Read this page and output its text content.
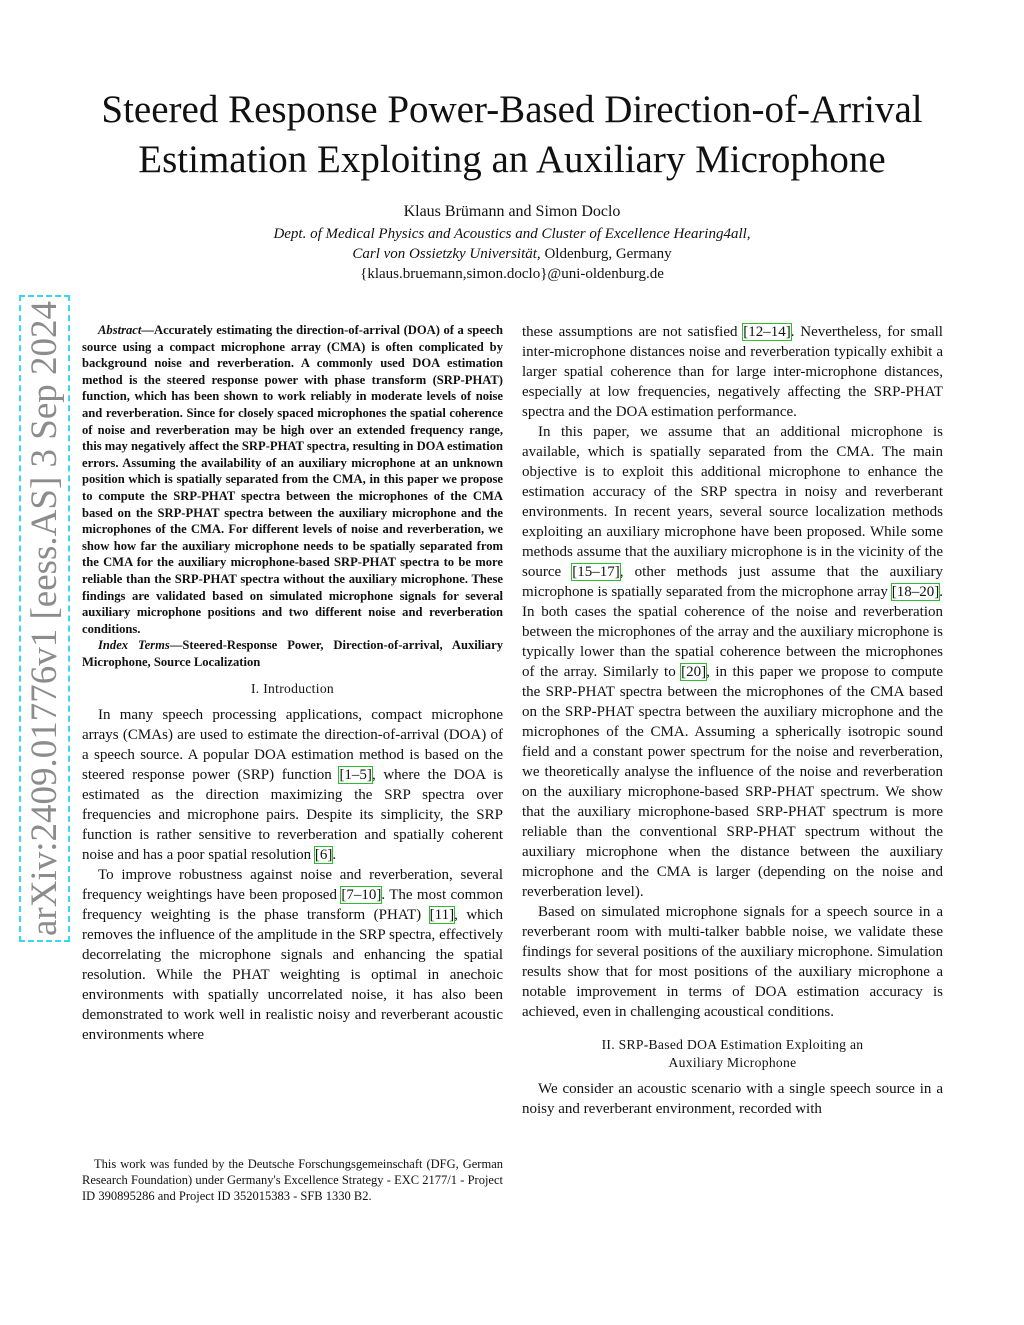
arXiv:2409.01776v1 [eess.AS] 3 Sep 2024
Steered Response Power-Based Direction-of-Arrival
Estimation Exploiting an Auxiliary Microphone
Klaus Brümann and Simon Doclo
Dept. of Medical Physics and Acoustics and Cluster of Excellence Hearing4all,
Carl von Ossietzky Universität, Oldenburg, Germany
{klaus.bruemann,simon.doclo}@uni-oldenburg.de

Abstract—Accurately estimating the direction-of-arrival (DOA) of a speech source using a compact microphone array (CMA) is often complicated by background noise and reverberation. A commonly used DOA estimation method is the steered response power with phase transform (SRP-PHAT) function, which has been shown to work reliably in moderate levels of noise and reverberation. Since for closely spaced microphones the spatial coherence of noise and reverberation may be high over an extended frequency range, this may negatively affect the SRP-PHAT spectra, resulting in DOA estimation errors. Assuming the availability of an auxiliary microphone at an unknown position which is spatially separated from the CMA, in this paper we propose to compute the SRP-PHAT spectra between the microphones of the CMA based on the SRP-PHAT spectra between the auxiliary microphone and the microphones of the CMA. For different levels of noise and reverberation, we show how far the auxiliary microphone needs to be spatially separated from the CMA for the auxiliary microphone-based SRP-PHAT spectra to be more reliable than the SRP-PHAT spectra without the auxiliary microphone. These findings are validated based on simulated microphone signals for several auxiliary microphone positions and two different noise and reverberation conditions.

Index Terms—Steered-Response Power, Direction-of-arrival, Auxiliary Microphone, Source Localization

I. Introduction

In many speech processing applications, compact microphone arrays (CMAs) are used to estimate the direction-of-arrival (DOA) of a speech source. A popular DOA estimation method is based on the steered response power (SRP) function [1–5], where the DOA is estimated as the direction maximizing the SRP spectra over frequencies and microphone pairs. Despite its simplicity, the SRP function is rather sensitive to reverberation and spatially coherent noise and has a poor spatial resolution [6].

To improve robustness against noise and reverberation, several frequency weightings have been proposed [7–10]. The most common frequency weighting is the phase transform (PHAT) [11], which removes the influence of the amplitude in the SRP spectra, effectively decorrelating the microphone signals and enhancing the spatial resolution. While the PHAT weighting is optimal in anechoic environments with spatially uncorrelated noise, it has also been demonstrated to work well in realistic noisy and reverberant acoustic environments where

This work was funded by the Deutsche Forschungsgemeinschaft (DFG, German Research Foundation) under Germany's Excellence Strategy - EXC 2177/1 - Project ID 390895286 and Project ID 352015383 - SFB 1330 B2.

these assumptions are not satisfied [12–14]. Nevertheless, for small inter-microphone distances noise and reverberation typically exhibit a larger spatial coherence than for large inter-microphone distances, especially at low frequencies, negatively affecting the SRP-PHAT spectra and the DOA estimation performance.

In this paper, we assume that an additional microphone is available, which is spatially separated from the CMA. The main objective is to exploit this additional microphone to enhance the estimation accuracy of the SRP spectra in noisy and reverberant environments. In recent years, several source localization methods exploiting an auxiliary microphone have been proposed. While some methods assume that the auxiliary microphone is in the vicinity of the source [15–17], other methods just assume that the auxiliary microphone is spatially separated from the microphone array [18–20]. In both cases the spatial coherence of the noise and reverberation between the microphones of the array and the auxiliary microphone is typically lower than the spatial coherence between the microphones of the array. Similarly to [20], in this paper we propose to compute the SRP-PHAT spectra between the microphones of the CMA based on the SRP-PHAT spectra between the auxiliary microphone and the microphones of the CMA. Assuming a spherically isotropic sound field and a constant power spectrum for the noise and reverberation, we theoretically analyse the influence of the noise and reverberation on the auxiliary microphone-based SRP-PHAT spectrum. We show that the auxiliary microphone-based SRP-PHAT spectrum is more reliable than the conventional SRP-PHAT spectrum without the auxiliary microphone when the distance between the auxiliary microphone and the CMA is larger (depending on the noise and reverberation level).

Based on simulated microphone signals for a speech source in a reverberant room with multi-talker babble noise, we validate these findings for several positions of the auxiliary microphone. Simulation results show that for most positions of the auxiliary microphone a notable improvement in terms of DOA estimation accuracy is achieved, even in challenging acoustical conditions.

II. SRP-Based DOA Estimation Exploiting an
Auxiliary Microphone

We consider an acoustic scenario with a single speech source in a noisy and reverberant environment, recorded with
